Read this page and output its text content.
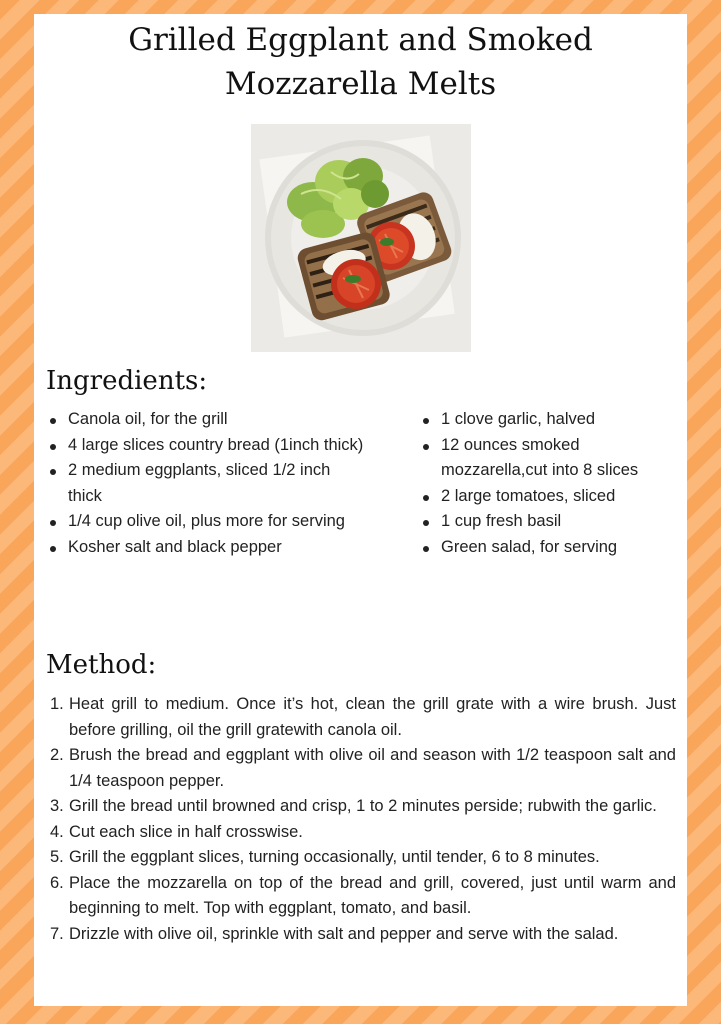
Grilled Eggplant and Smoked Mozzarella Melts
Ingredients:
Canola oil, for the grill
4 large slices country bread (1inch thick)
2 medium eggplants, sliced 1/2 inch thick
1/4 cup olive oil, plus more for serving
Kosher salt and black pepper
1 clove garlic, halved
12 ounces smoked mozzarella,cut into 8 slices
2 large tomatoes, sliced
1 cup fresh basil
Green salad, for serving
Method:
1. Heat grill to medium. Once it’s hot, clean the grill grate with a wire brush. Just before grilling, oil the grill gratewith canola oil.
2. Brush the bread and eggplant with olive oil and season with 1/2 teaspoon salt and 1/4 teaspoon pepper.
3. Grill the bread until browned and crisp, 1 to 2 minutes perside; rubwith the garlic.
4. Cut each slice in half crosswise.
5. Grill the eggplant slices, turning occasionally, until tender, 6 to 8 minutes.
6. Place the mozzarella on top of the bread and grill, covered, just until warm and beginning to melt. Top with eggplant, tomato, and basil.
7. Drizzle with olive oil, sprinkle with salt and pepper and serve with the salad.
